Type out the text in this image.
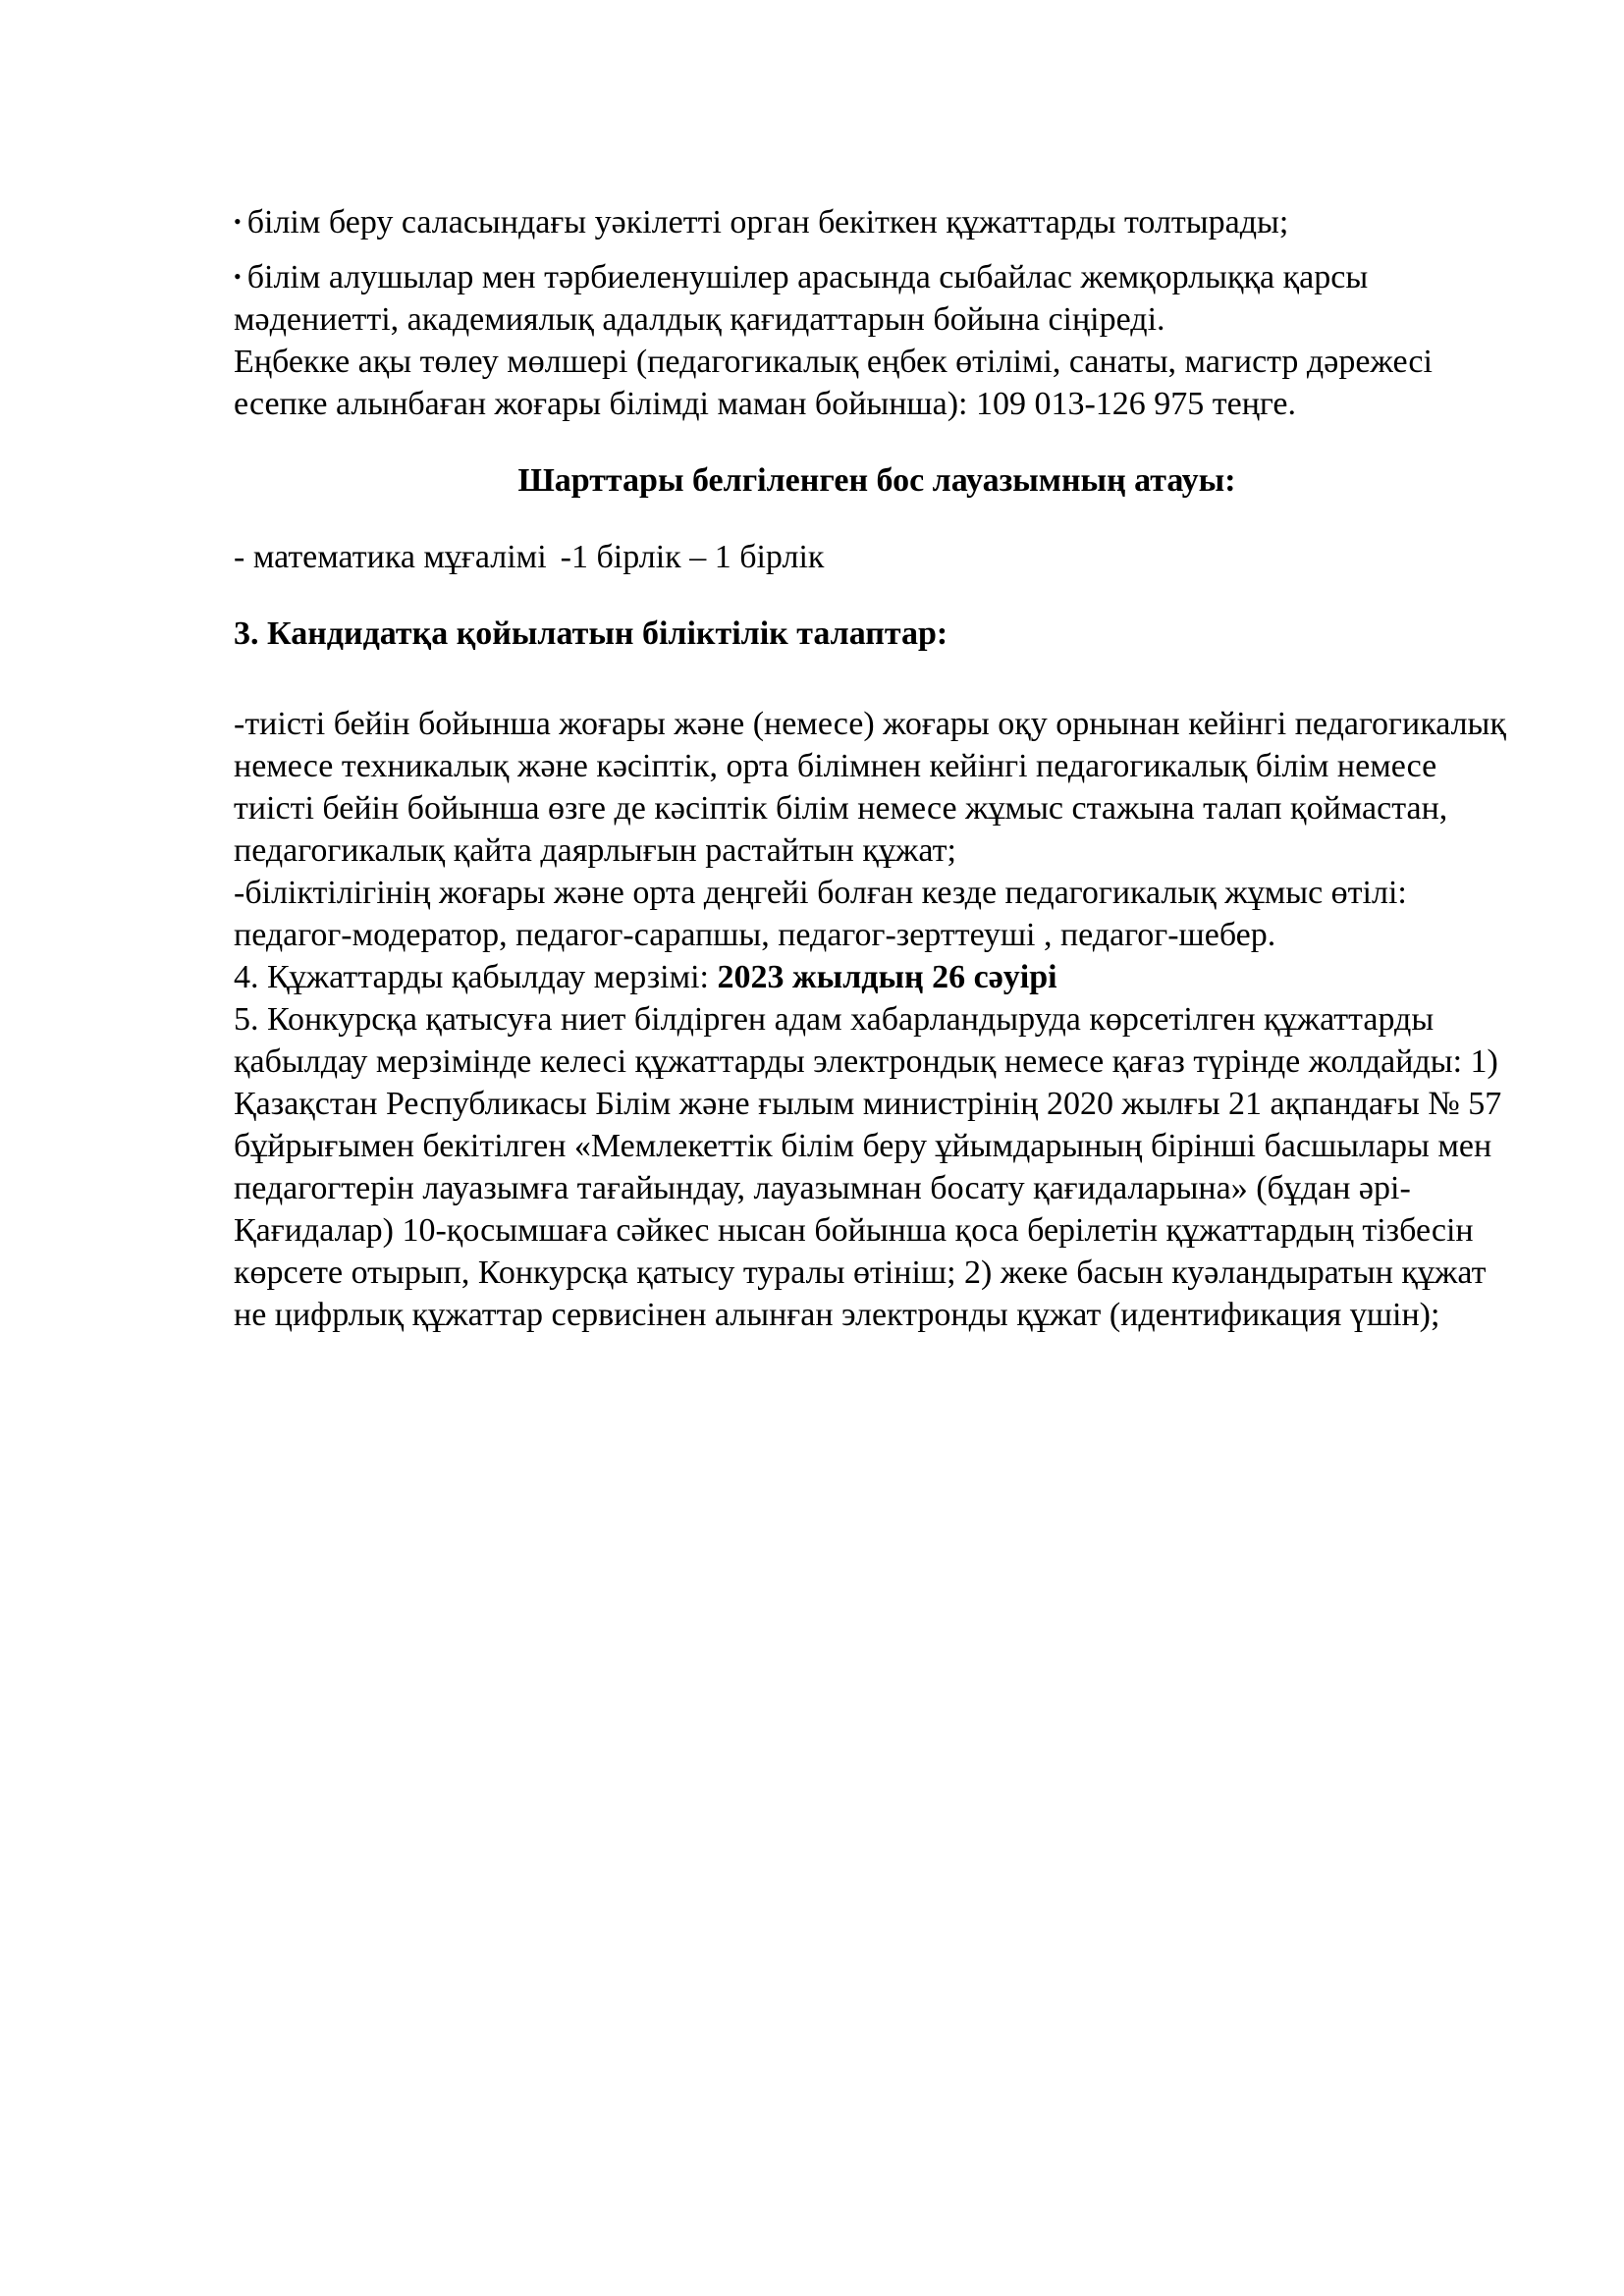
• білім беру саласындағы уәкілетті орган бекіткен құжаттарды толтырады;

• білім алушылар мен тәрбиеленушілер арасында сыбайлас жемқорлыққа қарсы мәдениетті, академиялық адалдық қағидаттарын бойына сіңіреді.

Еңбекке ақы төлеу мөлшері (педагогикалық еңбек өтілімі, санаты, магистр дәрежесі есепке алынбаған жоғары білімді маман бойынша): 109 013-126 975 теңге.

Шарттары белгіленген бос лауазымның атауы:

- математика мұғалімі -1 бірлік – 1 бірлік

3. Кандидатқа қойылатын біліктілік талаптар:

-тиісті бейін бойынша жоғары және (немесе) жоғары оқу орнынан кейінгі педагогикалық немесе техникалық және кәсіптік, орта білімнен кейінгі педагогикалық білім немесе тиісті бейін бойынша өзге де кәсіптік білім немесе жұмыс стажына талап қоймастан, педагогикалық қайта даярлығын растайтын құжат;

-біліктілігінің жоғары және орта деңгейі болған кезде педагогикалық жұмыс өтілі: педагог-модератор, педагог-сарапшы, педагог-зерттеуші , педагог-шебер.

4. Құжаттарды қабылдау мерзімі: 2023 жылдың 26 сәуірі

5. Конкурсқа қатысуға ниет білдірген адам хабарландыруда көрсетілген құжаттарды қабылдау мерзімінде келесі құжаттарды электрондық немесе қағаз түрінде жолдайды: 1) Қазақстан Республикасы Білім және ғылым министрінің 2020 жылғы 21 ақпандағы № 57 бұйрығымен бекітілген «Мемлекеттік білім беру ұйымдарының бірінші басшылары мен педагогтерін лауазымға тағайындау, лауазымнан босату қағидаларына» (бұдан әрі-Қағидалар) 10-қосымшаға сәйкес нысан бойынша қоса берілетін құжаттардың тізбесін көрсете отырып, Конкурсқа қатысу туралы өтініш; 2) жеке басын куәландыратын құжат не цифрлық құжаттар сервисінен алынған электронды құжат (идентификация үшін);
